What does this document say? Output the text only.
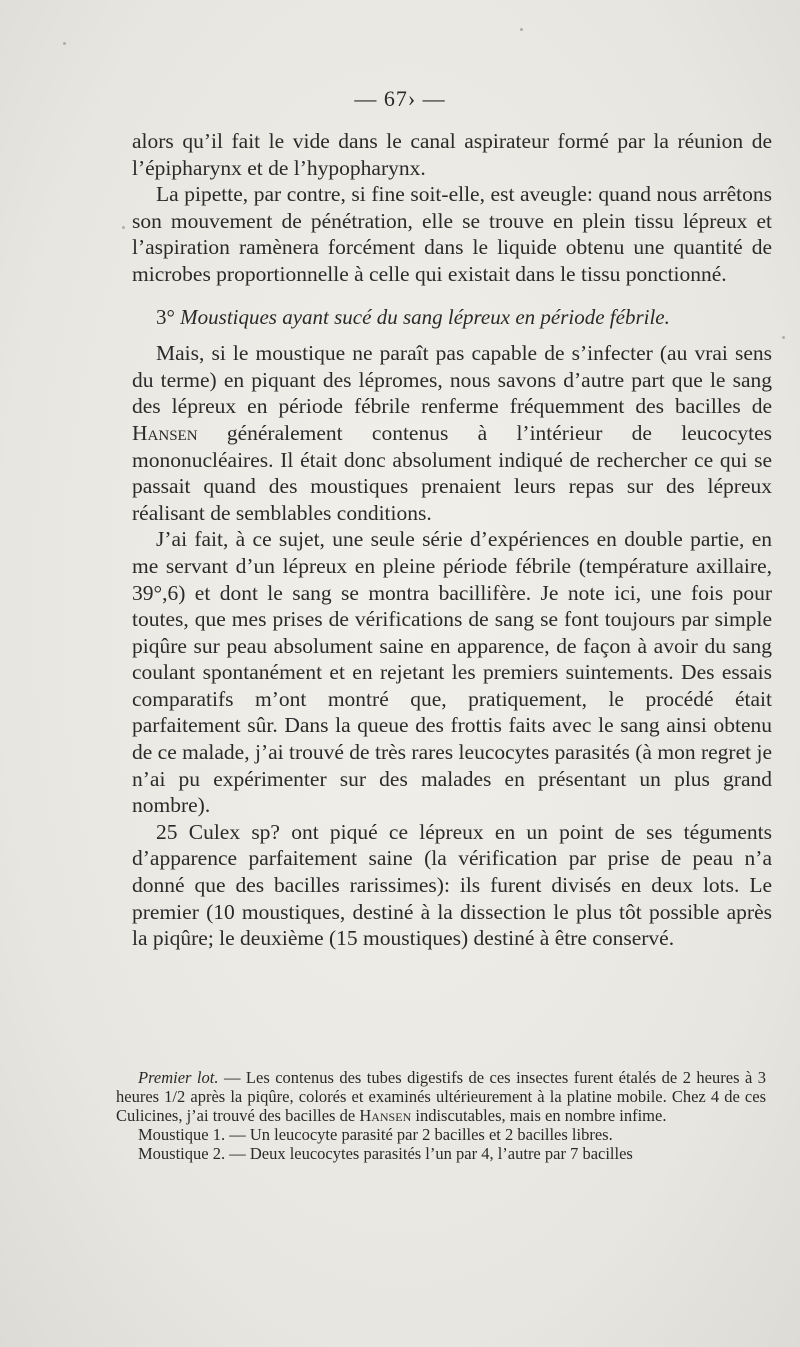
— 67› —

alors qu’il fait le vide dans le canal aspirateur formé par la réunion de l’épipharynx et de l’hypopharynx.

La pipette, par contre, si fine soit-elle, est aveugle: quand nous arrêtons son mouvement de pénétration, elle se trouve en plein tissu lépreux et l’aspiration ramènera forcément dans le liquide obtenu une quantité de microbes proportionnelle à celle qui existait dans le tissu ponctionné.

3° Moustiques ayant sucé du sang lépreux en période fébrile.

Mais, si le moustique ne paraît pas capable de s’infecter (au vrai sens du terme) en piquant des lépromes, nous savons d’autre part que le sang des lépreux en période fébrile renferme fréquemment des bacilles de Hansen généralement contenus à l’intérieur de leucocytes mononucléaires. Il était donc absolument indiqué de rechercher ce qui se passait quand des moustiques prenaient leurs repas sur des lépreux réalisant de semblables conditions.

J’ai fait, à ce sujet, une seule série d’expériences en double partie, en me servant d’un lépreux en pleine période fébrile (température axillaire, 39°,6) et dont le sang se montra bacillifère. Je note ici, une fois pour toutes, que mes prises de vérifications de sang se font toujours par simple piqûre sur peau absolument saine en apparence, de façon à avoir du sang coulant spontanément et en rejetant les premiers suintements. Des essais comparatifs m’ont montré que, pratiquement, le procédé était parfaitement sûr. Dans la queue des frottis faits avec le sang ainsi obtenu de ce malade, j’ai trouvé de très rares leucocytes parasités (à mon regret je n’ai pu expérimenter sur des malades en présentant un plus grand nombre).

25 Culex sp? ont piqué ce lépreux en un point de ses téguments d’apparence parfaitement saine (la vérification par prise de peau n’a donné que des bacilles rarissimes): ils furent divisés en deux lots. Le premier (10 moustiques, destiné à la dissection le plus tôt possible après la piqûre; le deuxième (15 moustiques) destiné à être conservé.

Premier lot. — Les contenus des tubes digestifs de ces insectes furent étalés de 2 heures à 3 heures 1/2 après la piqûre, colorés et examinés ultérieurement à la platine mobile. Chez 4 de ces Culicines, j’ai trouvé des bacilles de Hansen indiscutables, mais en nombre infime.

Moustique 1. — Un leucocyte parasité par 2 bacilles et 2 bacilles libres.

Moustique 2. — Deux leucocytes parasités l’un par 4, l’autre par 7 bacilles
